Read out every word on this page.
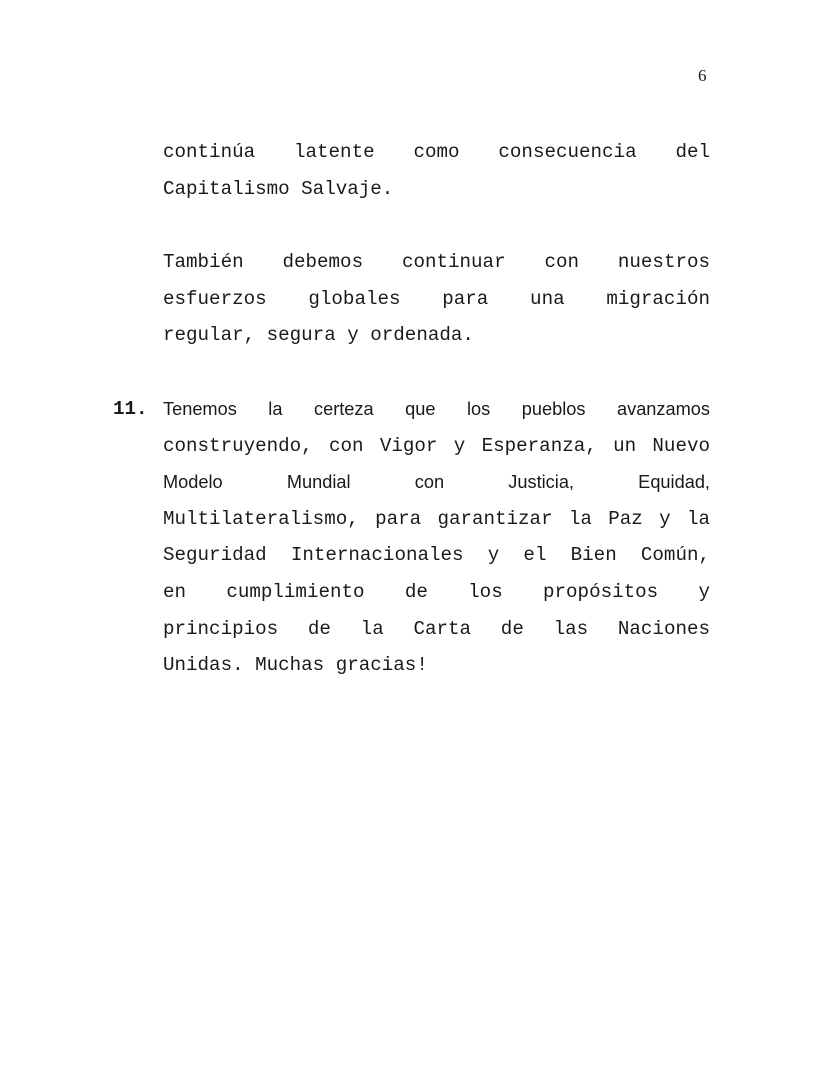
6
continúa latente como consecuencia del
Capitalismo Salvaje.
También debemos continuar con nuestros
esfuerzos globales para una migración
regular, segura y ordenada.
11. Tenemos la certeza que los pueblos avanzamos
construyendo, con Vigor y Esperanza, un Nuevo
Modelo Mundial con Justicia, Equidad,
Multilateralismo, para garantizar la Paz y la
Seguridad Internacionales y el Bien Común,
en cumplimiento de los propósitos y
principios de la Carta de las Naciones
Unidas. Muchas gracias!
